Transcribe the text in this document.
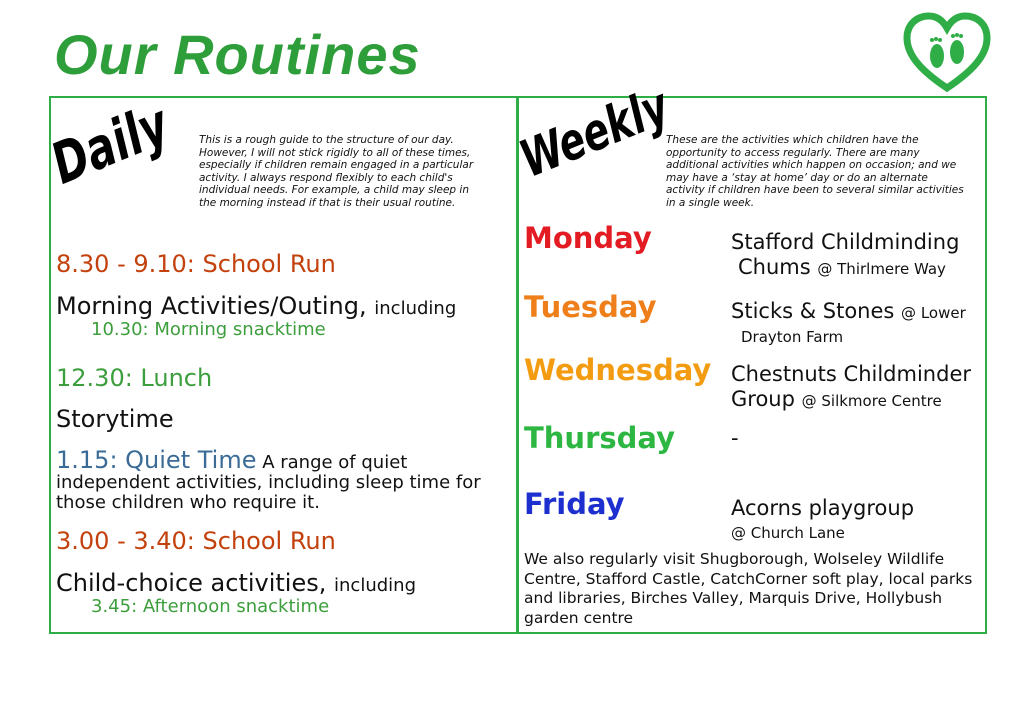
Our Routines
Daily This is a rough guide to the structure of our day. However, I will not stick rigidly to all of these times, especially if children remain engaged in a particular activity. I always respond flexibly to each child's individual needs. For example, a child may sleep in the morning instead if that is their usual routine.
8.30 - 9.10: School Run
Morning Activities/Outing, including
10.30: Morning snacktime
12.30: Lunch
Storytime
1.15: Quiet Time A range of quiet independent activities, including sleep time for those children who require it.
3.00 - 3.40: School Run
Child-choice activities, including
3.45: Afternoon snacktime
Weekly
These are the activities which children have the opportunity to access regularly. There are many additional activities which happen on occasion; and we may have a ‘stay at home’ day or do an alternate activity if children have been to several similar activities in a single week.
Monday	Stafford Childminding
Chums @ Thirlmere Way
Tuesday	Sticks & Stones @ Lower
Drayton Farm
Wednesday Chestnuts Childminder
Group @ Silkmore Centre
Thursday	-
Friday	Acorns playgroup
@ Church Lane
We also regularly visit Shugborough, Wolseley Wildlife Centre, Stafford Castle, CatchCorner soft play, local parks and libraries, Birches Valley, Marquis Drive, Hollybush garden centre
